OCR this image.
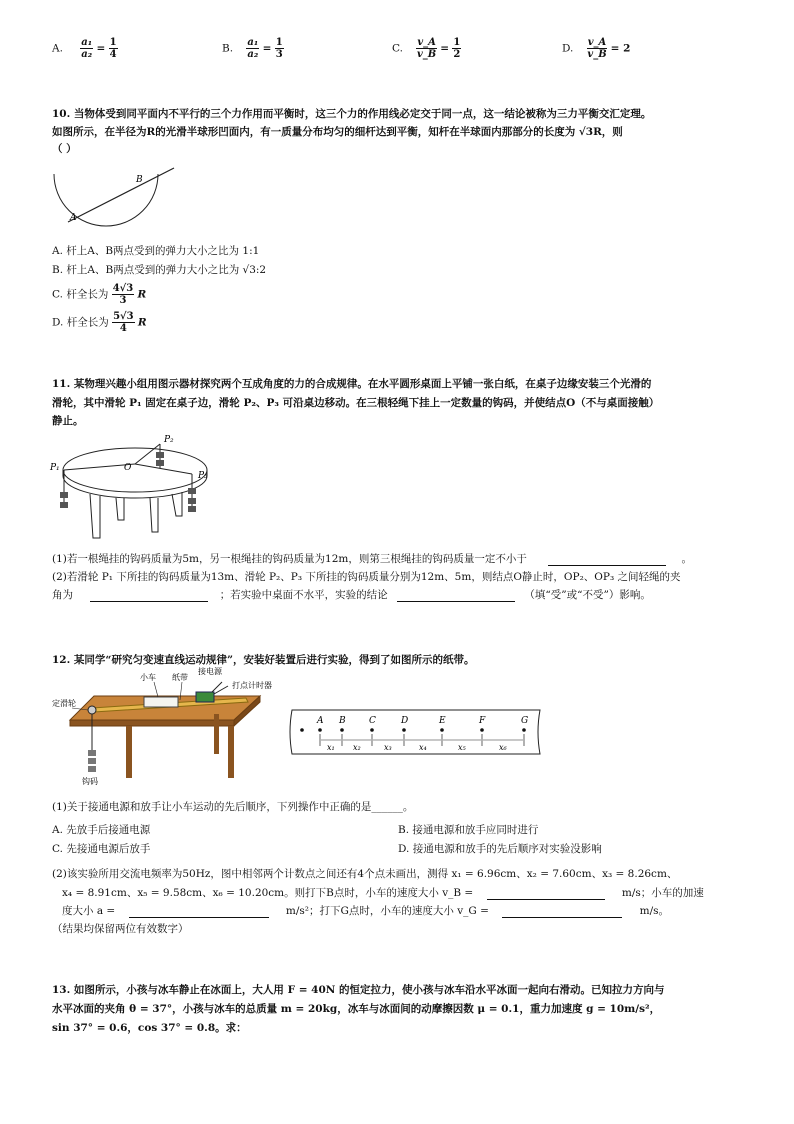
A. $\frac{\text{a₁}}{\text{a₂}} = \frac{1}{4}$	B. $\frac{\text{a₁}}{\text{a₂}} = \frac{1}{3}$	C. $\frac{v\_A}{v\_B} = \frac{1}{2}$	D. $\frac{v\_A}{v\_B} = 2$
10. 当物体受到同平面内不平行的三个力作用而平衡时，这三个力的作用线必定交于同一点，这一结论被称为三力平衡交汇定理。
如图所示，在半径为R的光滑半球形凹面内，有一质量分布均匀的细杆达到平衡，知杆在半球面内那部分的长度为 √3R，则
（ ）
B
A
A. 杆上A、B两点受到的弹力大小之比为 1:1
B. 杆上A、B两点受到的弹力大小之比为 √3:2
C. 杆全长为 $\frac{4√3}{3}$ R
D. 杆全长为 $\frac{5√3}{4}$ R
11. 某物理兴趣小组用图示器材探究两个互成角度的力的合成规律。在水平圆形桌面上平铺一张白纸，在桌子边缘安装三个光滑的
滑轮，其中滑轮 P₁ 固定在桌子边，滑轮 P₂、P₃ 可沿桌边移动。在三根轻绳下挂上一定数量的钩码，并使结点O（不与桌面接触）
静止。
P₁
P₂
P₃
O
(1)若一根绳挂的钩码质量为5m，另一根绳挂的钩码质量为12m，则第三根绳挂的钩码质量一定不小于	。
(2)若滑轮 P₁ 下所挂的钩码质量为13m、滑轮 P₂、P₃ 下所挂的钩码质量分别为12m、5m，则结点O静止时，OP₂、OP₃ 之间轻绳的夹
角为	；若实验中桌面不水平，实验的结论	（填“受”或“不受”）影响。
12. 某同学“研究匀变速直线运动规律”，安装好装置后进行实验，得到了如图所示的纸带。
小车 纸带
接电源
打点计时器
定滑轮
钩码
A B	C	D	E	F	G
x₁ x₂	x₃	x₄	x₅	x₆
(1)关于接通电源和放手让小车运动的先后顺序，下列操作中正确的是______。
A. 先放手后接通电源	B. 接通电源和放手应同时进行
C. 先接通电源后放手	D. 接通电源和放手的先后顺序对实验没影响
(2)该实验所用交流电频率为50Hz，图中相邻两个计数点之间还有4个点未画出，测得 x₁ = 6.96cm、x₂ = 7.60cm、x₃ = 8.26cm、
x₄ = 8.91cm、x₅ = 9.58cm、x₆ = 10.20cm。则打下B点时，小车的速度大小 v_B =	m/s；小车的加速
度大小 a =	m/s²；打下G点时，小车的速度大小 v_G =	m/s。
（结果均保留两位有效数字）
13. 如图所示，小孩与冰车静止在冰面上，大人用 F = 40N 的恒定拉力，使小孩与冰车沿水平冰面一起向右滑动。已知拉力方向与
水平冰面的夹角 θ = 37°，小孩与冰车的总质量 m = 20kg，冰车与冰面间的动摩擦因数 μ = 0.1，重力加速度 g = 10m/s²，
sin 37° = 0.6，cos 37° = 0.8。求：
